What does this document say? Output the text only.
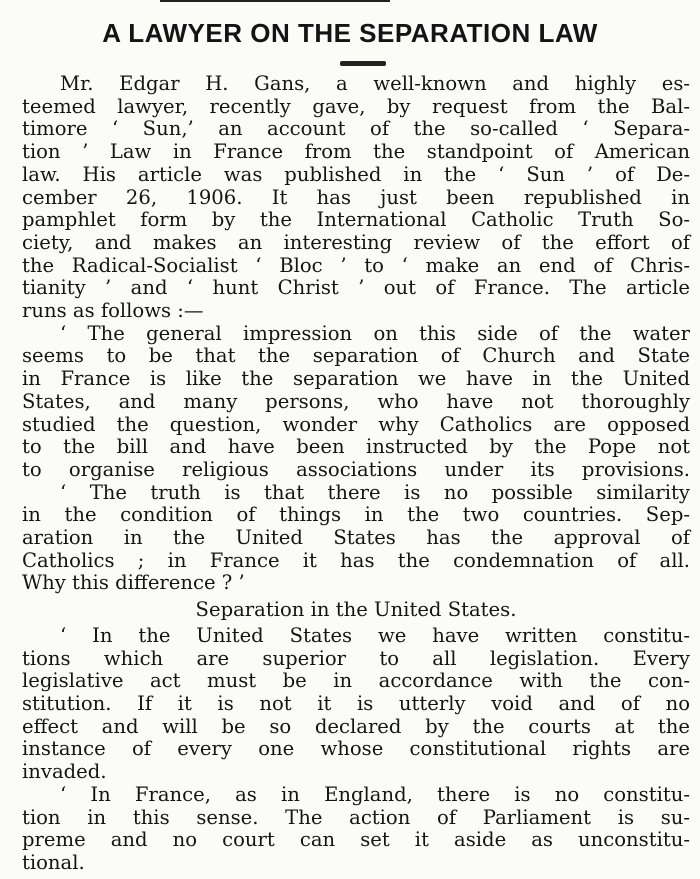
A LAWYER ON THE SEPARATION LAW
Mr. Edgar H. Gans, a well-known and highly es-
teemed lawyer, recently gave, by request from the Bal-
timore ‘ Sun,’ an account of the so-called ‘ Separa-
tion ’ Law in France from the standpoint of American
law. His article was published in the ‘ Sun ’ of De-
cember 26, 1906. It has just been republished in
pamphlet form by the International Catholic Truth So-
ciety, and makes an interesting review of the effort of
the Radical-Socialist ‘ Bloc ’ to ‘ make an end of Chris-
tianity ’ and ‘ hunt Christ ’ out of France. The article
runs as follows :—
‘ The general impression on this side of the water
seems to be that the separation of Church and State
in France is like the separation we have in the United
States, and many persons, who have not thoroughly
studied the question, wonder why Catholics are opposed
to the bill and have been instructed by the Pope not
to organise religious associations under its provisions.
‘ The truth is that there is no possible similarity
in the condition of things in the two countries. Sep-
aration in the United States has the approval of
Catholics ; in France it has the condemnation of all.
Why this difference ? ’
Separation in the United States.
‘ In the United States we have written constitu-
tions which are superior to all legislation. Every
legislative act must be in accordance with the con-
stitution. If it is not it is utterly void and of no
effect and will be so declared by the courts at the
instance of every one whose constitutional rights are
invaded.
‘ In France, as in England, there is no constitu-
tion in this sense. The action of Parliament is su-
preme and no court can set it aside as unconstitu-
tional.
